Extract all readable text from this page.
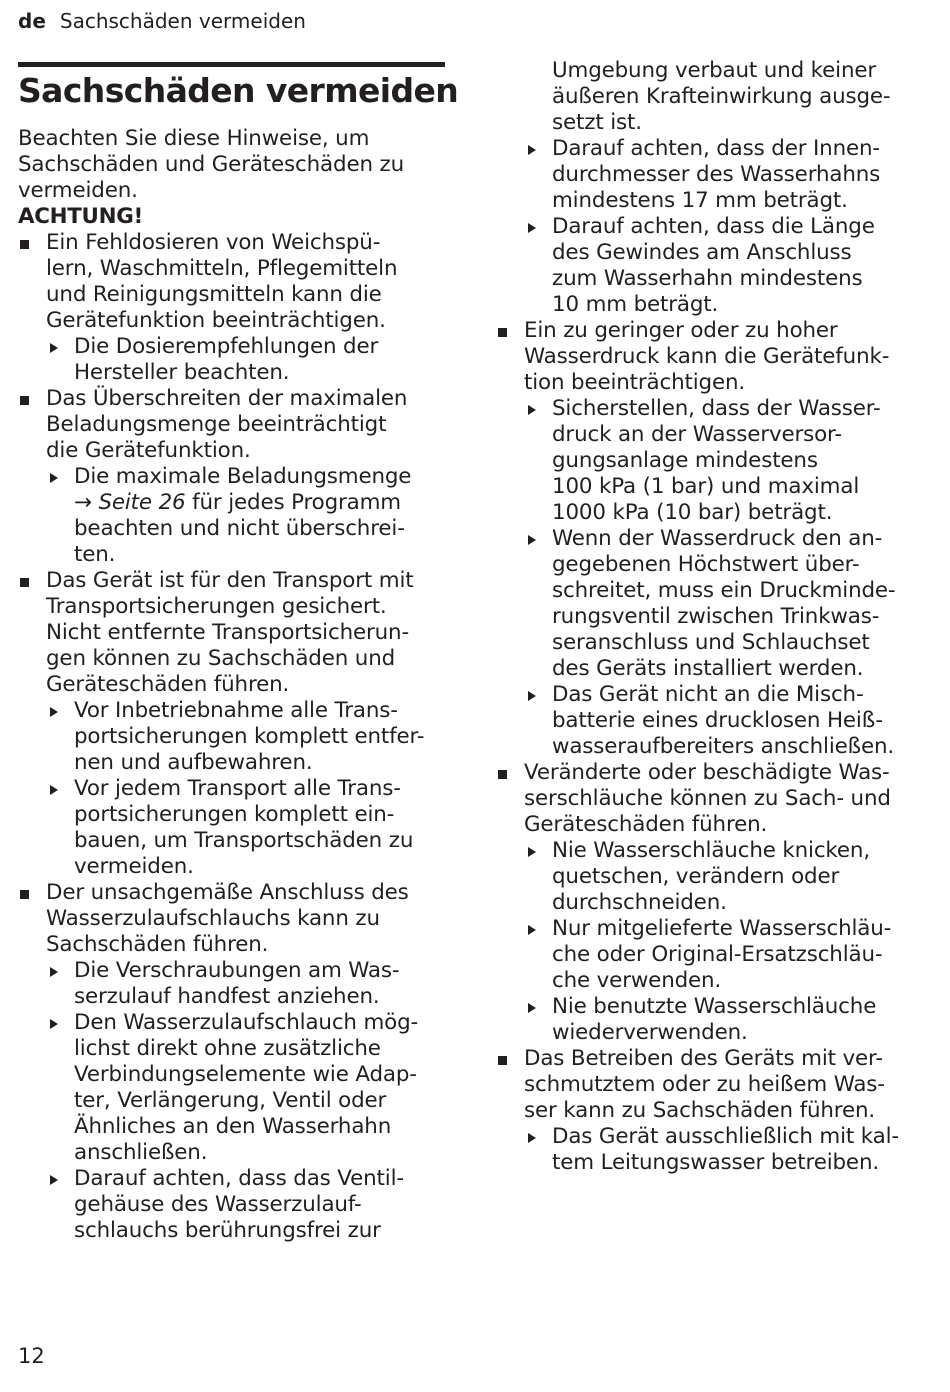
de Sachschäden vermeiden
Sachschäden vermeiden

Beachten Sie diese Hinweise, um
Sachschäden und Geräteschäden zu
vermeiden.

ACHTUNG!

Ein Fehldosieren von Weichspü-
lern, Waschmitteln, Pflegemitteln
und Reinigungsmitteln kann die
Gerätefunktion beeinträchtigen.

Die Dosierempfehlungen der
Hersteller beachten.

Das Überschreiten der maximalen
Beladungsmenge beeinträchtigt
die Gerätefunktion.

Die maximale Beladungsmenge
→ Seite 26 für jedes Programm
beachten und nicht überschrei-
ten.

Das Gerät ist für den Transport mit
Transportsicherungen gesichert.
Nicht entfernte Transportsicherun-
gen können zu Sachschäden und
Geräteschäden führen.

Vor Inbetriebnahme alle Trans-
portsicherungen komplett entfer-
nen und aufbewahren.

Vor jedem Transport alle Trans-
portsicherungen komplett ein-
bauen, um Transportschäden zu
vermeiden.

Der unsachgemäße Anschluss des
Wasserzulaufschlauchs kann zu
Sachschäden führen.

Die Verschraubungen am Was-
serzulauf handfest anziehen.

Den Wasserzulaufschlauch mög-
lichst direkt ohne zusätzliche
Verbindungselemente wie Adap-
ter, Verlängerung, Ventil oder
Ähnliches an den Wasserhahn
anschließen.

Darauf achten, dass das Ventil-
gehäuse des Wasserzulauf-
schlauchs berührungsfrei zur

Umgebung verbaut und keiner
äußeren Krafteinwirkung ausge-
setzt ist.

Darauf achten, dass der Innen-
durchmesser des Wasserhahns
mindestens 17 mm beträgt.

Darauf achten, dass die Länge
des Gewindes am Anschluss
zum Wasserhahn mindestens
10 mm beträgt.

Ein zu geringer oder zu hoher
Wasserdruck kann die Gerätefunk-
tion beeinträchtigen.

Sicherstellen, dass der Wasser-
druck an der Wasserversor-
gungsanlage mindestens
100 kPa (1 bar) und maximal
1000 kPa (10 bar) beträgt.

Wenn der Wasserdruck den an-
gegebenen Höchstwert über-
schreitet, muss ein Druckminde-
rungsventil zwischen Trinkwas-
seranschluss und Schlauchset
des Geräts installiert werden.

Das Gerät nicht an die Misch-
batterie eines drucklosen Heiß-
wasseraufbereiters anschließen.

Veränderte oder beschädigte Was-
serschläuche können zu Sach- und
Geräteschäden führen.

Nie Wasserschläuche knicken,
quetschen, verändern oder
durchschneiden.

Nur mitgelieferte Wasserschläu-
che oder Original-Ersatzschläu-
che verwenden.

Nie benutzte Wasserschläuche
wiederverwenden.

Das Betreiben des Geräts mit ver-
schmutztem oder zu heißem Was-
ser kann zu Sachschäden führen.

Das Gerät ausschließlich mit kal-
tem Leitungswasser betreiben.

12
